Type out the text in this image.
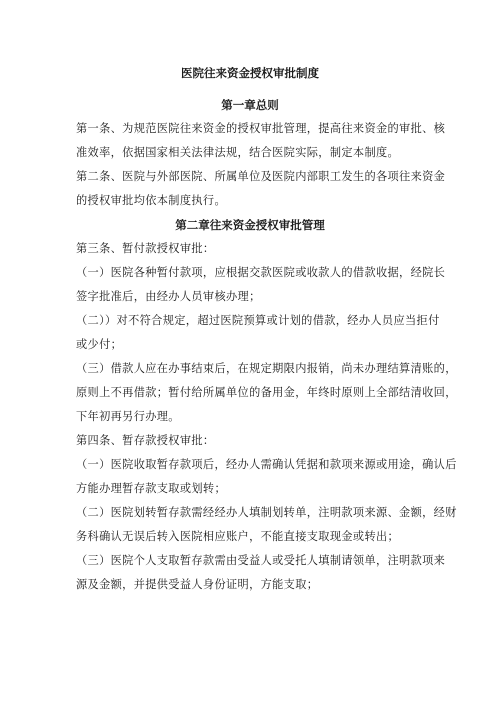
医院往来资金授权审批制度
第一章总则
第一条、为规范医院往来资金的授权审批管理，提高往来资金的审批、核
准效率，依据国家相关法律法规，结合医院实际，制定本制度。
第二条、医院与外部医院、所属单位及医院内部职工发生的各项往来资金
的授权审批均依本制度执行。
第二章往来资金授权审批管理
第三条、暂付款授权审批：
（一）医院各种暂付款项，应根据交款医院或收款人的借款收据，经院长
签字批准后，由经办人员审核办理；
（二））对不符合规定，超过医院预算或计划的借款，经办人员应当拒付
或少付；
（三）借款人应在办事结束后，在规定期限内报销，尚未办理结算清账的，
原则上不再借款；暂付给所属单位的备用金，年终时原则上全部结清收回，
下年初再另行办理。
第四条、暂存款授权审批：
（一）医院收取暂存款项后，经办人需确认凭据和款项来源或用途，确认后
方能办理暂存款支取或划转；
（二）医院划转暂存款需经经办人填制划转单，注明款项来源、金额，经财
务科确认无误后转入医院相应账户，不能直接支取现金或转出；
（三）医院个人支取暂存款需由受益人或受托人填制请领单，注明款项来
源及金额，并提供受益人身份证明，方能支取；
